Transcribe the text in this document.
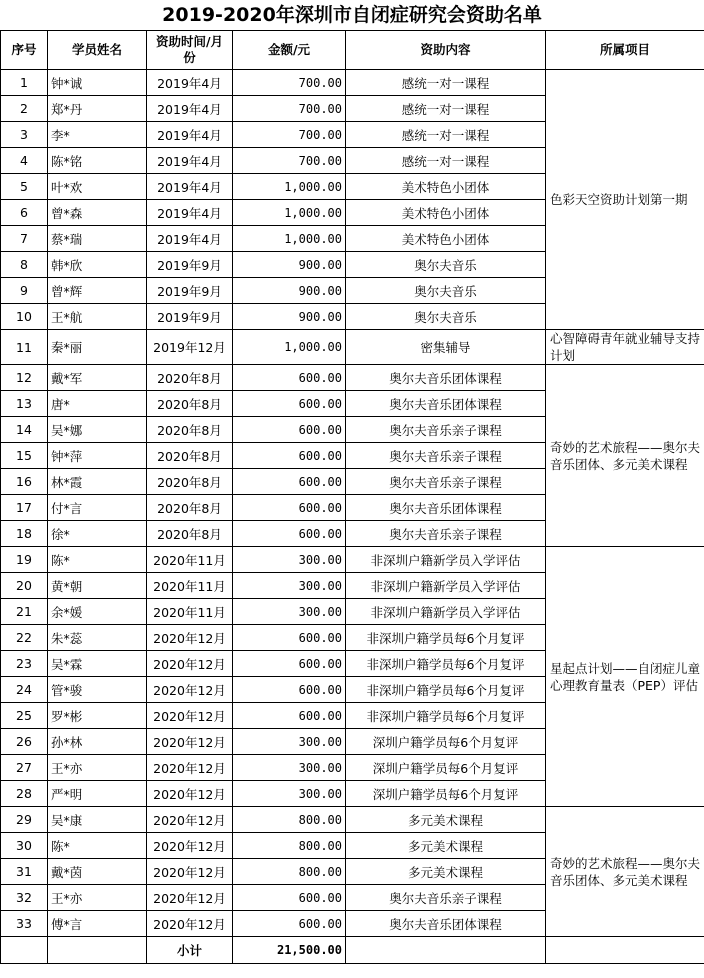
2019-2020年深圳市自闭症研究会资助名单
序号	学员姓名	资助时间/月份	金额/元	资助内容	所属项目
1	钟*诚	2019年4月	700.00	感统一对一课程	色彩天空资助计划第一期
2	郑*丹	2019年4月	700.00	感统一对一课程	
3	李*	2019年4月	700.00	感统一对一课程	
4	陈*铭	2019年4月	700.00	感统一对一课程	
5	叶*欢	2019年4月	1,000.00	美术特色小团体	
6	曾*森	2019年4月	1,000.00	美术特色小团体	
7	蔡*瑞	2019年4月	1,000.00	美术特色小团体	
8	韩*欣	2019年9月	900.00	奥尔夫音乐	
9	曾*辉	2019年9月	900.00	奥尔夫音乐	
10	王*航	2019年9月	900.00	奥尔夫音乐	
11	秦*丽	2019年12月	1,000.00	密集辅导	心智障碍青年就业辅导支持计划
12	戴*军	2020年8月	600.00	奥尔夫音乐团体课程	奇妙的艺术旅程——奥尔夫音乐团体、多元美术课程
13	唐*	2020年8月	600.00	奥尔夫音乐团体课程	
14	吴*娜	2020年8月	600.00	奥尔夫音乐亲子课程	
15	钟*萍	2020年8月	600.00	奥尔夫音乐亲子课程	
16	林*霞	2020年8月	600.00	奥尔夫音乐亲子课程	
17	付*言	2020年8月	600.00	奥尔夫音乐团体课程	
18	徐*	2020年8月	600.00	奥尔夫音乐亲子课程	
19	陈*	2020年11月	300.00	非深圳户籍新学员入学评估	星起点计划——自闭症儿童心理教育量表（PEP）评估
20	黄*朝	2020年11月	300.00	非深圳户籍新学员入学评估	
21	余*媛	2020年11月	300.00	非深圳户籍新学员入学评估	
22	朱*蕊	2020年12月	600.00	非深圳户籍学员每6个月复评	
23	吴*霖	2020年12月	600.00	非深圳户籍学员每6个月复评	
24	管*骏	2020年12月	600.00	非深圳户籍学员每6个月复评	
25	罗*彬	2020年12月	600.00	非深圳户籍学员每6个月复评	
26	孙*林	2020年12月	300.00	深圳户籍学员每6个月复评	
27	王*亦	2020年12月	300.00	深圳户籍学员每6个月复评	
28	严*明	2020年12月	300.00	深圳户籍学员每6个月复评	
29	吴*康	2020年12月	800.00	多元美术课程	奇妙的艺术旅程——奥尔夫音乐团体、多元美术课程
30	陈*	2020年12月	800.00	多元美术课程	
31	戴*茵	2020年12月	800.00	多元美术课程	
32	王*亦	2020年12月	600.00	奥尔夫音乐亲子课程	
33	傅*言	2020年12月	600.00	奥尔夫音乐团体课程	
		小计	21,500.00		
